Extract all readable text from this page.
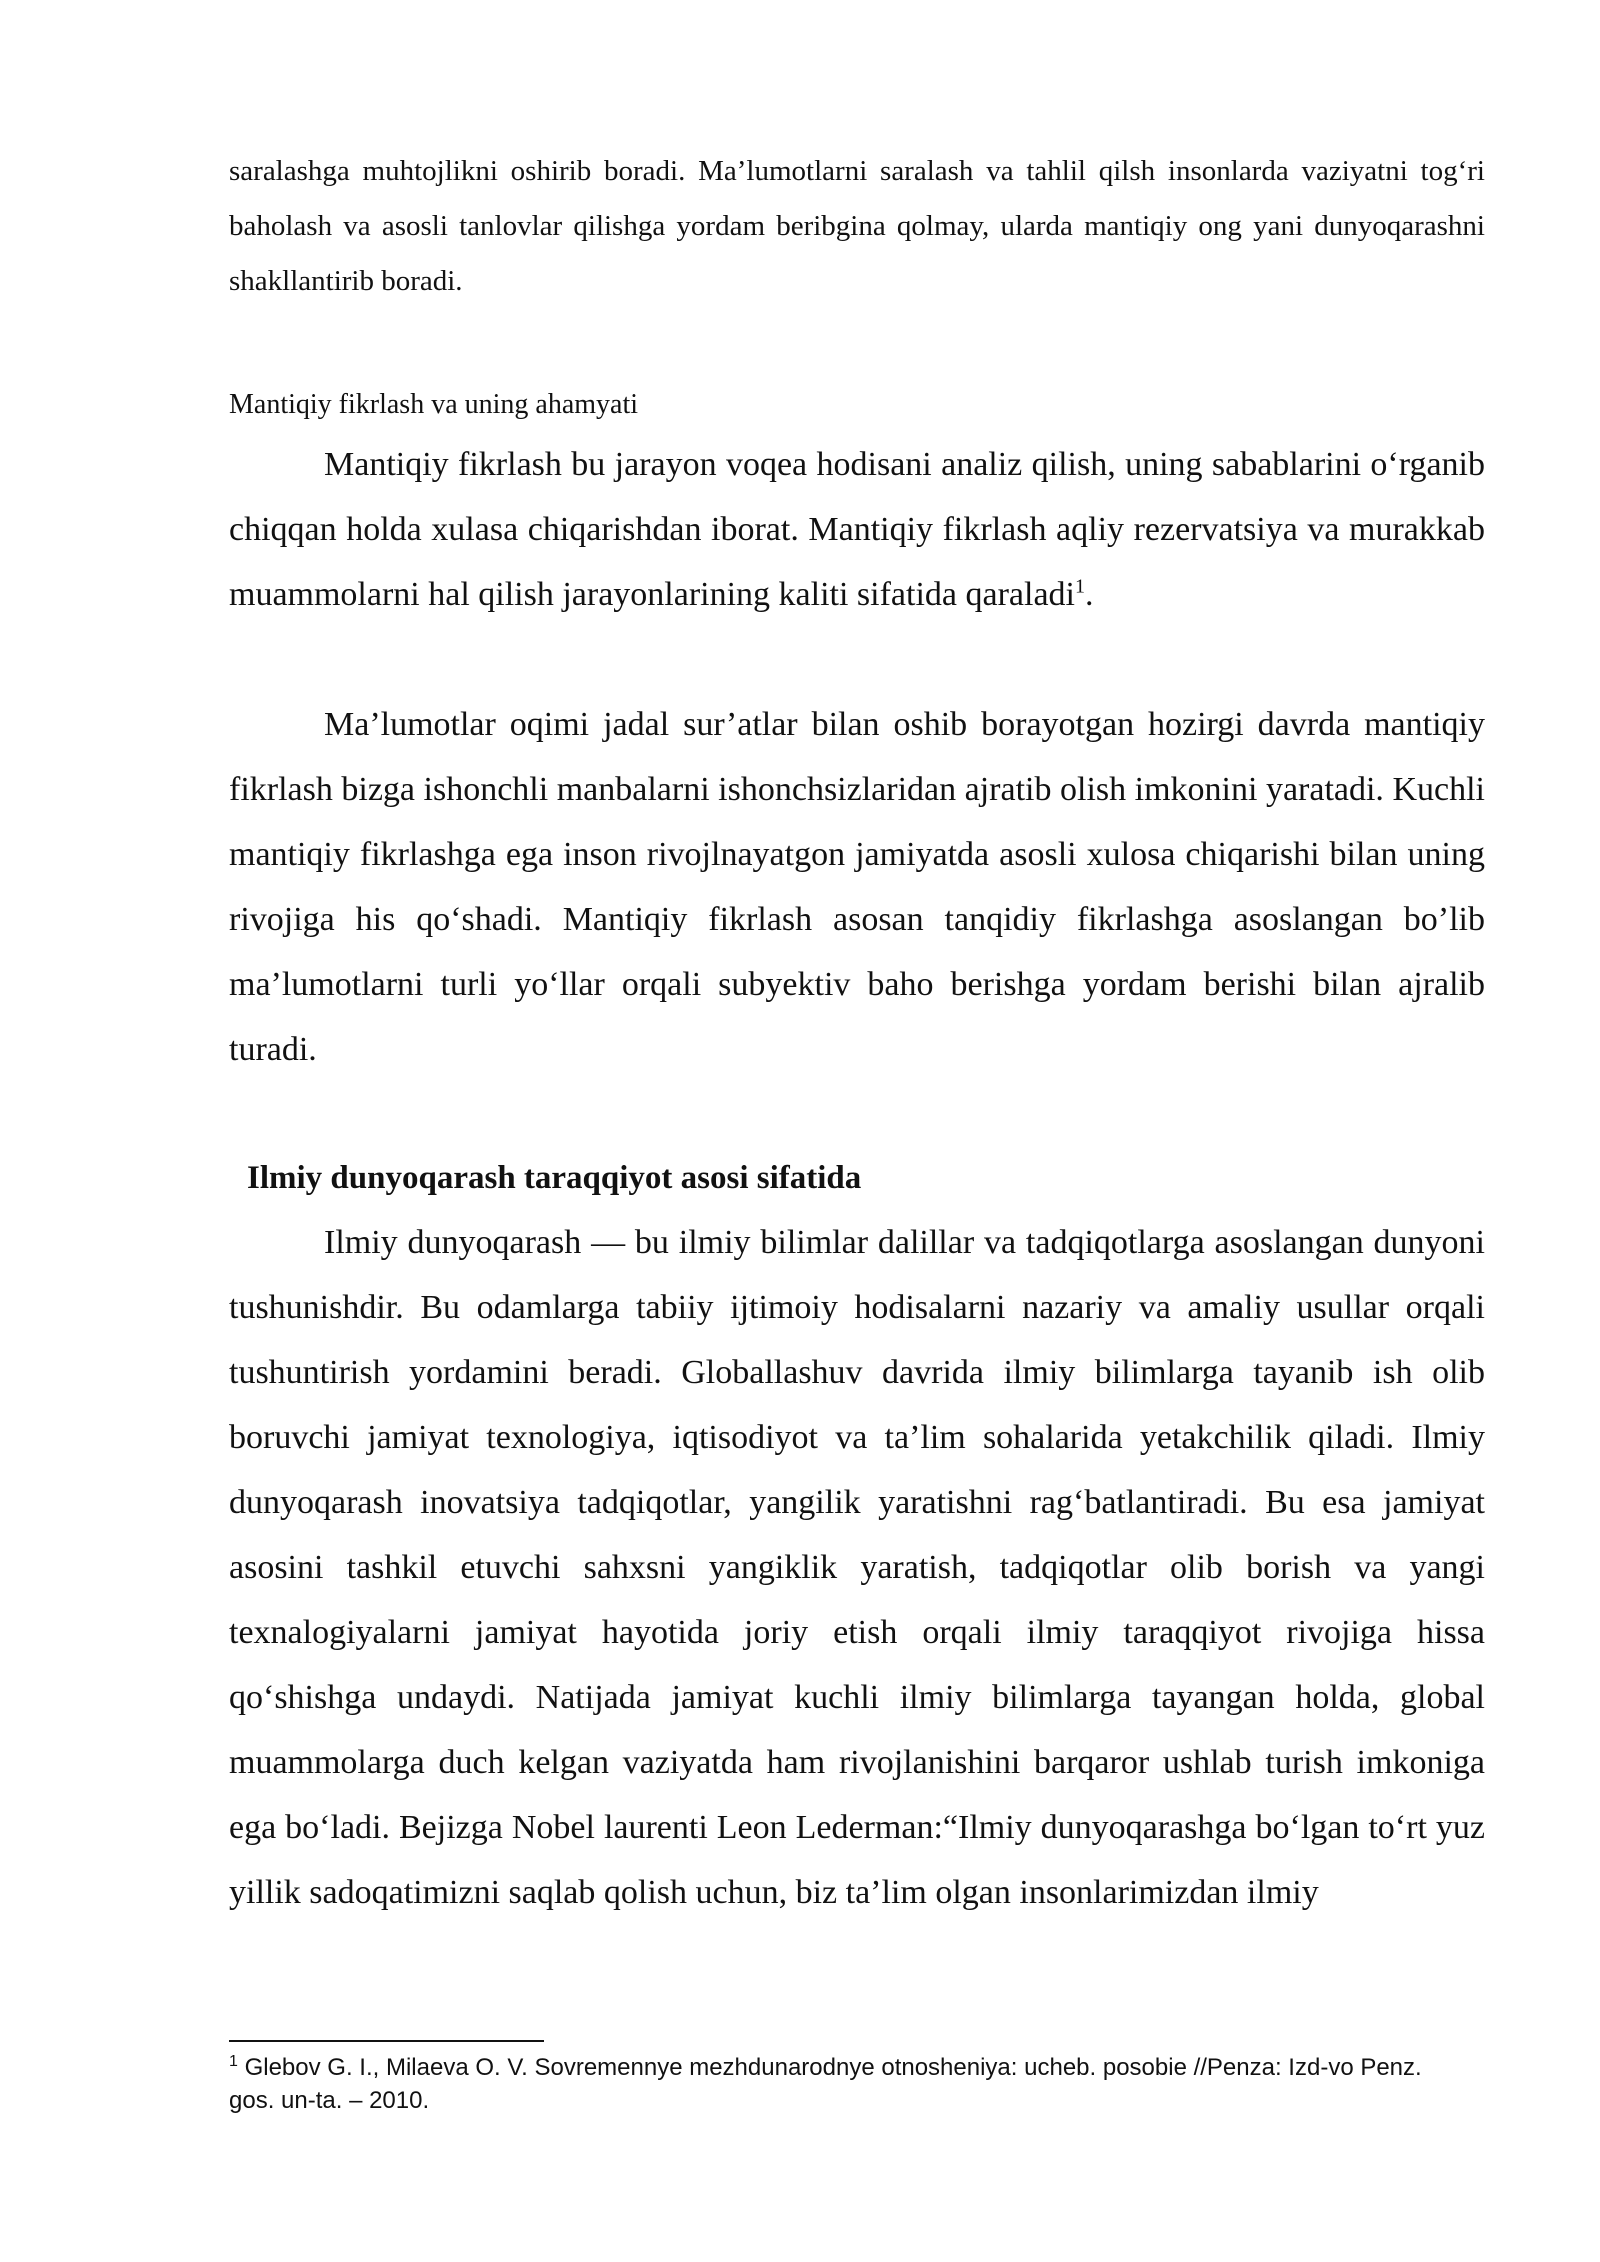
saralashga muhtojlikni oshirib boradi. Ma’lumotlarni saralash va tahlil qilsh insonlarda vaziyatni tog‘ri baholash va asosli tanlovlar qilishga yordam beribgina qolmay, ularda mantiqiy ong yani dunyoqarashni shakllantirib boradi.

Mantiqiy fikrlash va uning ahamyati

Mantiqiy fikrlash bu jarayon voqea hodisani analiz qilish, uning sabablarini o‘rganib chiqqan holda xulasa chiqarishdan iborat. Mantiqiy fikrlash aqliy rezervatsiya va murakkab muammolarni hal qilish jarayonlarining kaliti sifatida qaraladi$^1$.

Ma’lumotlar oqimi jadal sur’atlar bilan oshib borayotgan hozirgi davrda mantiqiy fikrlash bizga ishonchli manbalarni ishonchsizlaridan ajratib olish imkonini yaratadi. Kuchli mantiqiy fikrlashga ega inson rivojlnayatgon jamiyatda asosli xulosa chiqarishi bilan uning rivojiga his qo‘shadi. Mantiqiy fikrlash asosan tanqidiy fikrlashga asoslangan bo’lib ma’lumotlarni turli yo‘llar orqali subyektiv baho berishga yordam berishi bilan ajralib turadi.

Ilmiy dunyoqarash taraqqiyot asosi sifatida

Ilmiy dunyoqarash — bu ilmiy bilimlar dalillar va tadqiqotlarga asoslangan dunyoni tushunishdir. Bu odamlarga tabiiy ijtimoiy hodisalarni nazariy va amaliy usullar orqali tushuntirish yordamini beradi. Globallashuv davrida ilmiy bilimlarga tayanib ish olib boruvchi jamiyat texnologiya, iqtisodiyot va ta’lim sohalarida yetakchilik qiladi. Ilmiy dunyoqarash inovatsiya tadqiqotlar, yangilik yaratishni rag‘batlantiradi. Bu esa jamiyat asosini tashkil etuvchi sahxsni yangiklik yaratish, tadqiqotlar olib borish va yangi texnalogiyalarni jamiyat hayotida joriy etish orqali ilmiy taraqqiyot rivojiga hissa qo‘shishga undaydi. Natijada jamiyat kuchli ilmiy bilimlarga tayangan holda, global muammolarga duch kelgan vaziyatda ham rivojlanishini barqaror ushlab turish imkoniga ega bo‘ladi. Bejizga Nobel laurenti Leon Lederman:“Ilmiy dunyoqarashga bo‘lgan to‘rt yuz yillik sadoqatimizni saqlab qolish uchun, biz ta’lim olgan insonlarimizdan ilmiy

$^1$ Glebov G. I., Milaeva O. V. Sovremennye mezhdunarodnye otnosheniya: ucheb. posobie //Penza: Izd-vo Penz. gos. un-ta. – 2010.
